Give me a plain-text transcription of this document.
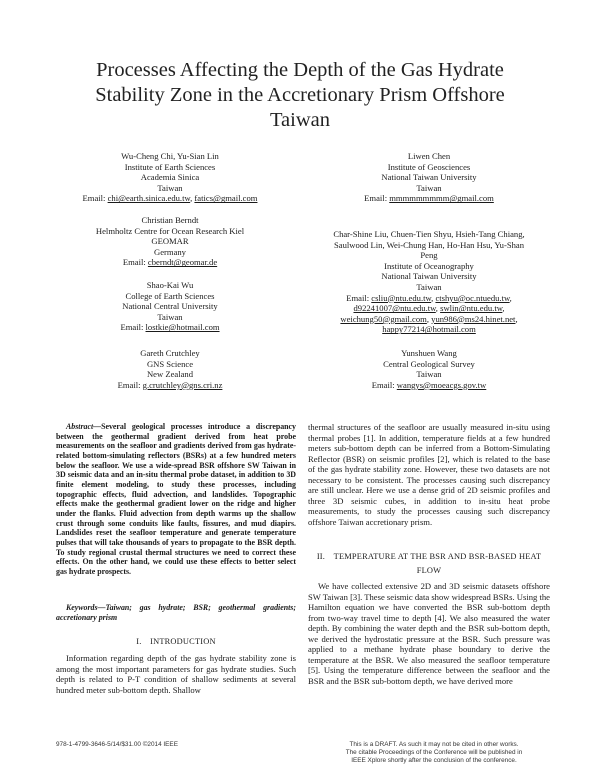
Processes Affecting the Depth of the Gas Hydrate
Stability Zone in the Accretionary Prism Offshore
Taiwan
Wu-Cheng Chi, Yu-Sian Lin
Institute of Earth Sciences
Academia Sinica
Taiwan
Email: chi@earth.sinica.edu.tw, fatics@gmail.com
Christian Berndt
Helmholtz Centre for Ocean Research Kiel
GEOMAR
Germany
Email: cberndt@geomar.de
Shao-Kai Wu
College of Earth Sciences
National Central University
Taiwan
Email: lostkie@hotmail.com
Gareth Crutchley
GNS Science
New Zealand
Email: g.crutchley@gns.cri.nz
Liwen Chen
Institute of Geosciences
National Taiwan University
Taiwan
Email: mmmmmmmmm@gmail.com
Char-Shine Liu, Chuen-Tien Shyu, Hsieh-Tang Chiang,
Saulwood Lin, Wei-Chung Han, Ho-Han Hsu, Yu-Shan
Peng
Institute of Oceanography
National Taiwan University
Taiwan
Email: csliu@ntu.edu.tw, ctshyu@oc.ntuedu.tw,
d92241007@ntu.edu.tw, swlin@ntu.edu.tw,
weichung50@gmail.com, yun986@ms24.hinet.net,
happy77214@hotmail.com
Yunshuen Wang
Central Geological Survey
Taiwan
Email: wangys@moeacgs.gov.tw

Abstract—Several geological processes introduce a discrepancy between the geothermal gradient derived from heat probe measurements on the seafloor and gradients derived from gas hydrate-related bottom-simulating reflectors (BSRs) at a few hundred meters below the seafloor. We use a wide-spread BSR offshore SW Taiwan in 3D seismic data and an in-situ thermal probe dataset, in addition to 3D finite element modeling, to study these processes, including topographic effects, fluid advection, and landslides. Topographic effects make the geothermal gradient lower on the ridge and higher under the flanks. Fluid advection from depth warms up the shallow crust through some conduits like faults, fissures, and mud diapirs. Landslides reset the seafloor temperature and generate temperature pulses that will take thousands of years to propagate to the BSR depth. To study regional crustal thermal structures we need to correct these effects. On the other hand, we could use these effects to better select gas hydrate prospects.

Keywords—Taiwan; gas hydrate; BSR; geothermal gradients; accretionary prism

I. INTRODUCTION

Information regarding depth of the gas hydrate stability zone is among the most important parameters for gas hydrate studies. Such depth is related to P-T condition of shallow sediments at several hundred meter sub-bottom depth. Shallow

thermal structures of the seafloor are usually measured in-situ using thermal probes [1]. In addition, temperature fields at a few hundred meters sub-bottom depth can be inferred from a Bottom-Simulating Reflector (BSR) on seismic profiles [2], which is related to the base of the gas hydrate stability zone. However, these two datasets are not necessary to be consistent. The processes causing such discrepancy are still unclear. Here we use a dense grid of 2D seismic profiles and three 3D seismic cubes, in addition to in-situ heat probe measurements, to study the processes causing such discrepancy offshore Taiwan accretionary prism.

II. TEMPERATURE AT THE BSR AND BSR-BASED HEAT FLOW

We have collected extensive 2D and 3D seismic datasets offshore SW Taiwan [3]. These seismic data show widespread BSRs. Using the Hamilton equation we have converted the BSR sub-bottom depth from two-way travel time to depth [4]. We also measured the water depth. By combining the water depth and the BSR sub-bottom depth, we derived the hydrostatic pressure at the BSR. Such pressure was applied to a methane hydrate phase boundary to derive the temperature at the BSR. We also measured the seafloor temperature [5]. Using the temperature difference between the seafloor and the BSR and the BSR sub-bottom depth, we have derived more

978-1-4799-3646-5/14/$31.00 ©2014 IEEE	This is a DRAFT. As such it may not be cited in other works.
The citable Proceedings of the Conference will be published in
IEEE Xplore shortly after the conclusion of the conference.
